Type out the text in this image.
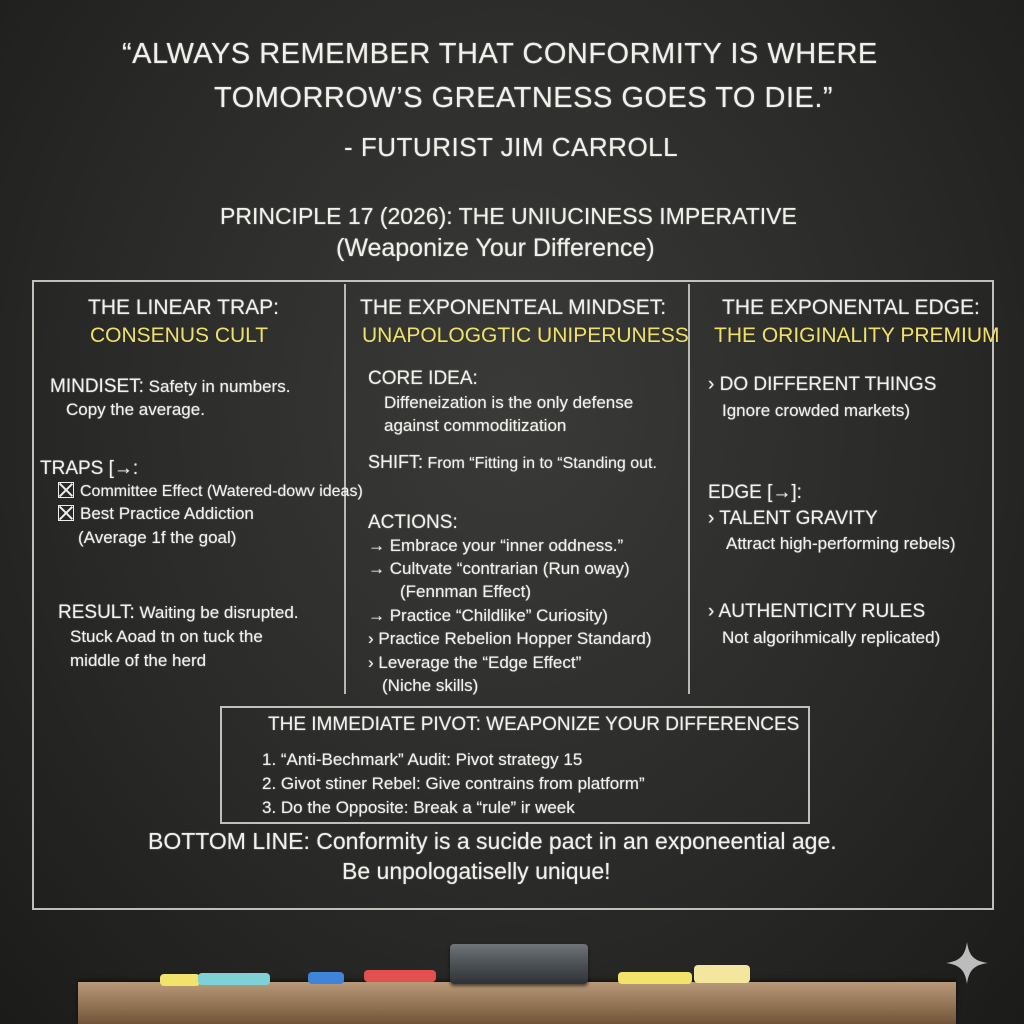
“ALWAYS REMEMBER THAT CONFORMITY IS WHERE

TOMORROW’S GREATNESS GOES TO DIE.”

- FUTURIST JIM CARROLL

PRINCIPLE 17 (2026): THE UNIUCINESS IMPERATIVE

(Weaponize Your Difference)

THE LINEAR TRAP:

CONSENUS CULT

MINDISET: Safety in numbers.

Copy the average.

TRAPS [→:

Committee Effect (Watered-dowv ideas)

Best Practice Addiction

(Average 1f the goal)

RESULT: Waiting be disrupted.

Stuck Aoad tn on tuck the

middle of the herd

THE EXPONENTEAL MINDSET:

UNAPOLOGGTIC UNIPERUNESS

CORE IDEA:

Diffeneization is the only defense

against commoditization

SHIFT: From “Fitting in to “Standing out.

ACTIONS:

→ Embrace your “inner oddness.”

→ Cultvate “contrarian (Run oway)

(Fennman Effect)

→ Practice “Childlike” Curiosity)

› Practice Rebelion Hopper Standard)

› Leverage the “Edge Effect”

(Niche skills)

THE EXPONENTAL EDGE:

THE ORIGINALITY PREMIUM

› DO DIFFERENT THINGS

Ignore crowded markets)

EDGE [→]:

› TALENT GRAVITY

Attract high-performing rebels)

› AUTHENTICITY RULES

Not algorihmically replicated)

THE IMMEDIATE PIVOT: WEAPONIZE YOUR DIFFERENCES

1. “Anti-Bechmark” Audit: Pivot strategy 15

2. Givot stiner Rebel: Give contrains from platform”

3. Do the Opposite: Break a “rule” ir week

BOTTOM LINE: Conformity is a sucide pact in an exponeential age.

Be unpologatiselly unique!
